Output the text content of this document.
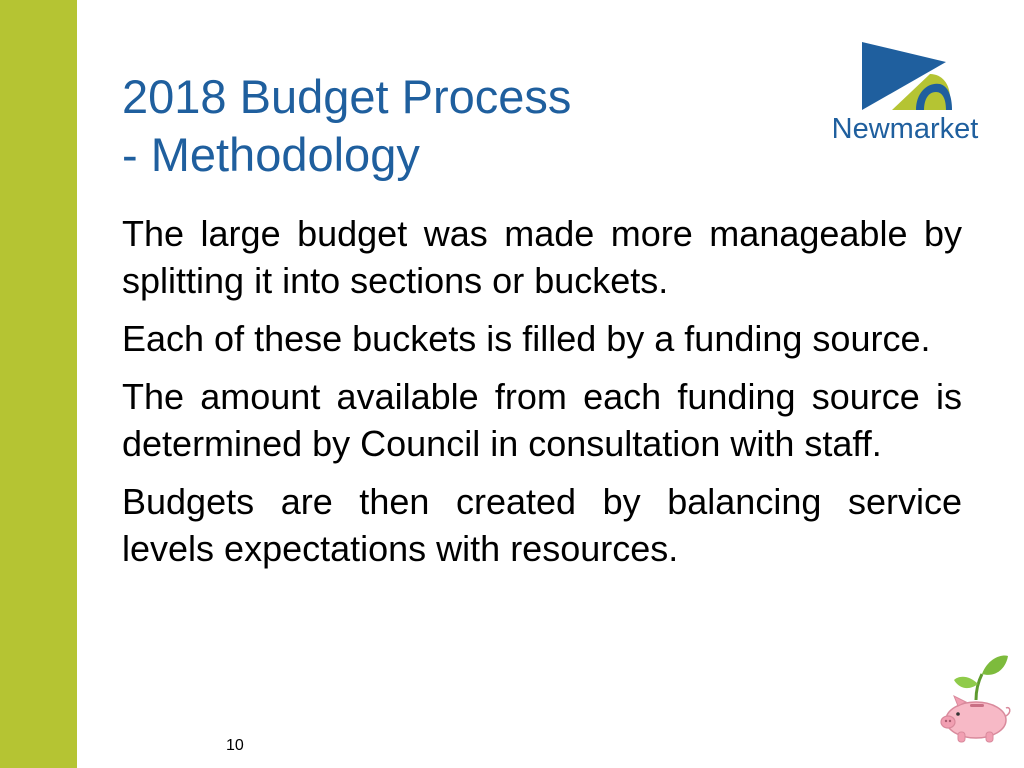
2018 Budget Process
- Methodology	Newmarket

The large budget was made more manageable by splitting it into sections or buckets.

Each of these buckets is filled by a funding source.

The amount available from each funding source is determined by Council in consultation with staff.

Budgets are then created by balancing service levels expectations with resources.

10
